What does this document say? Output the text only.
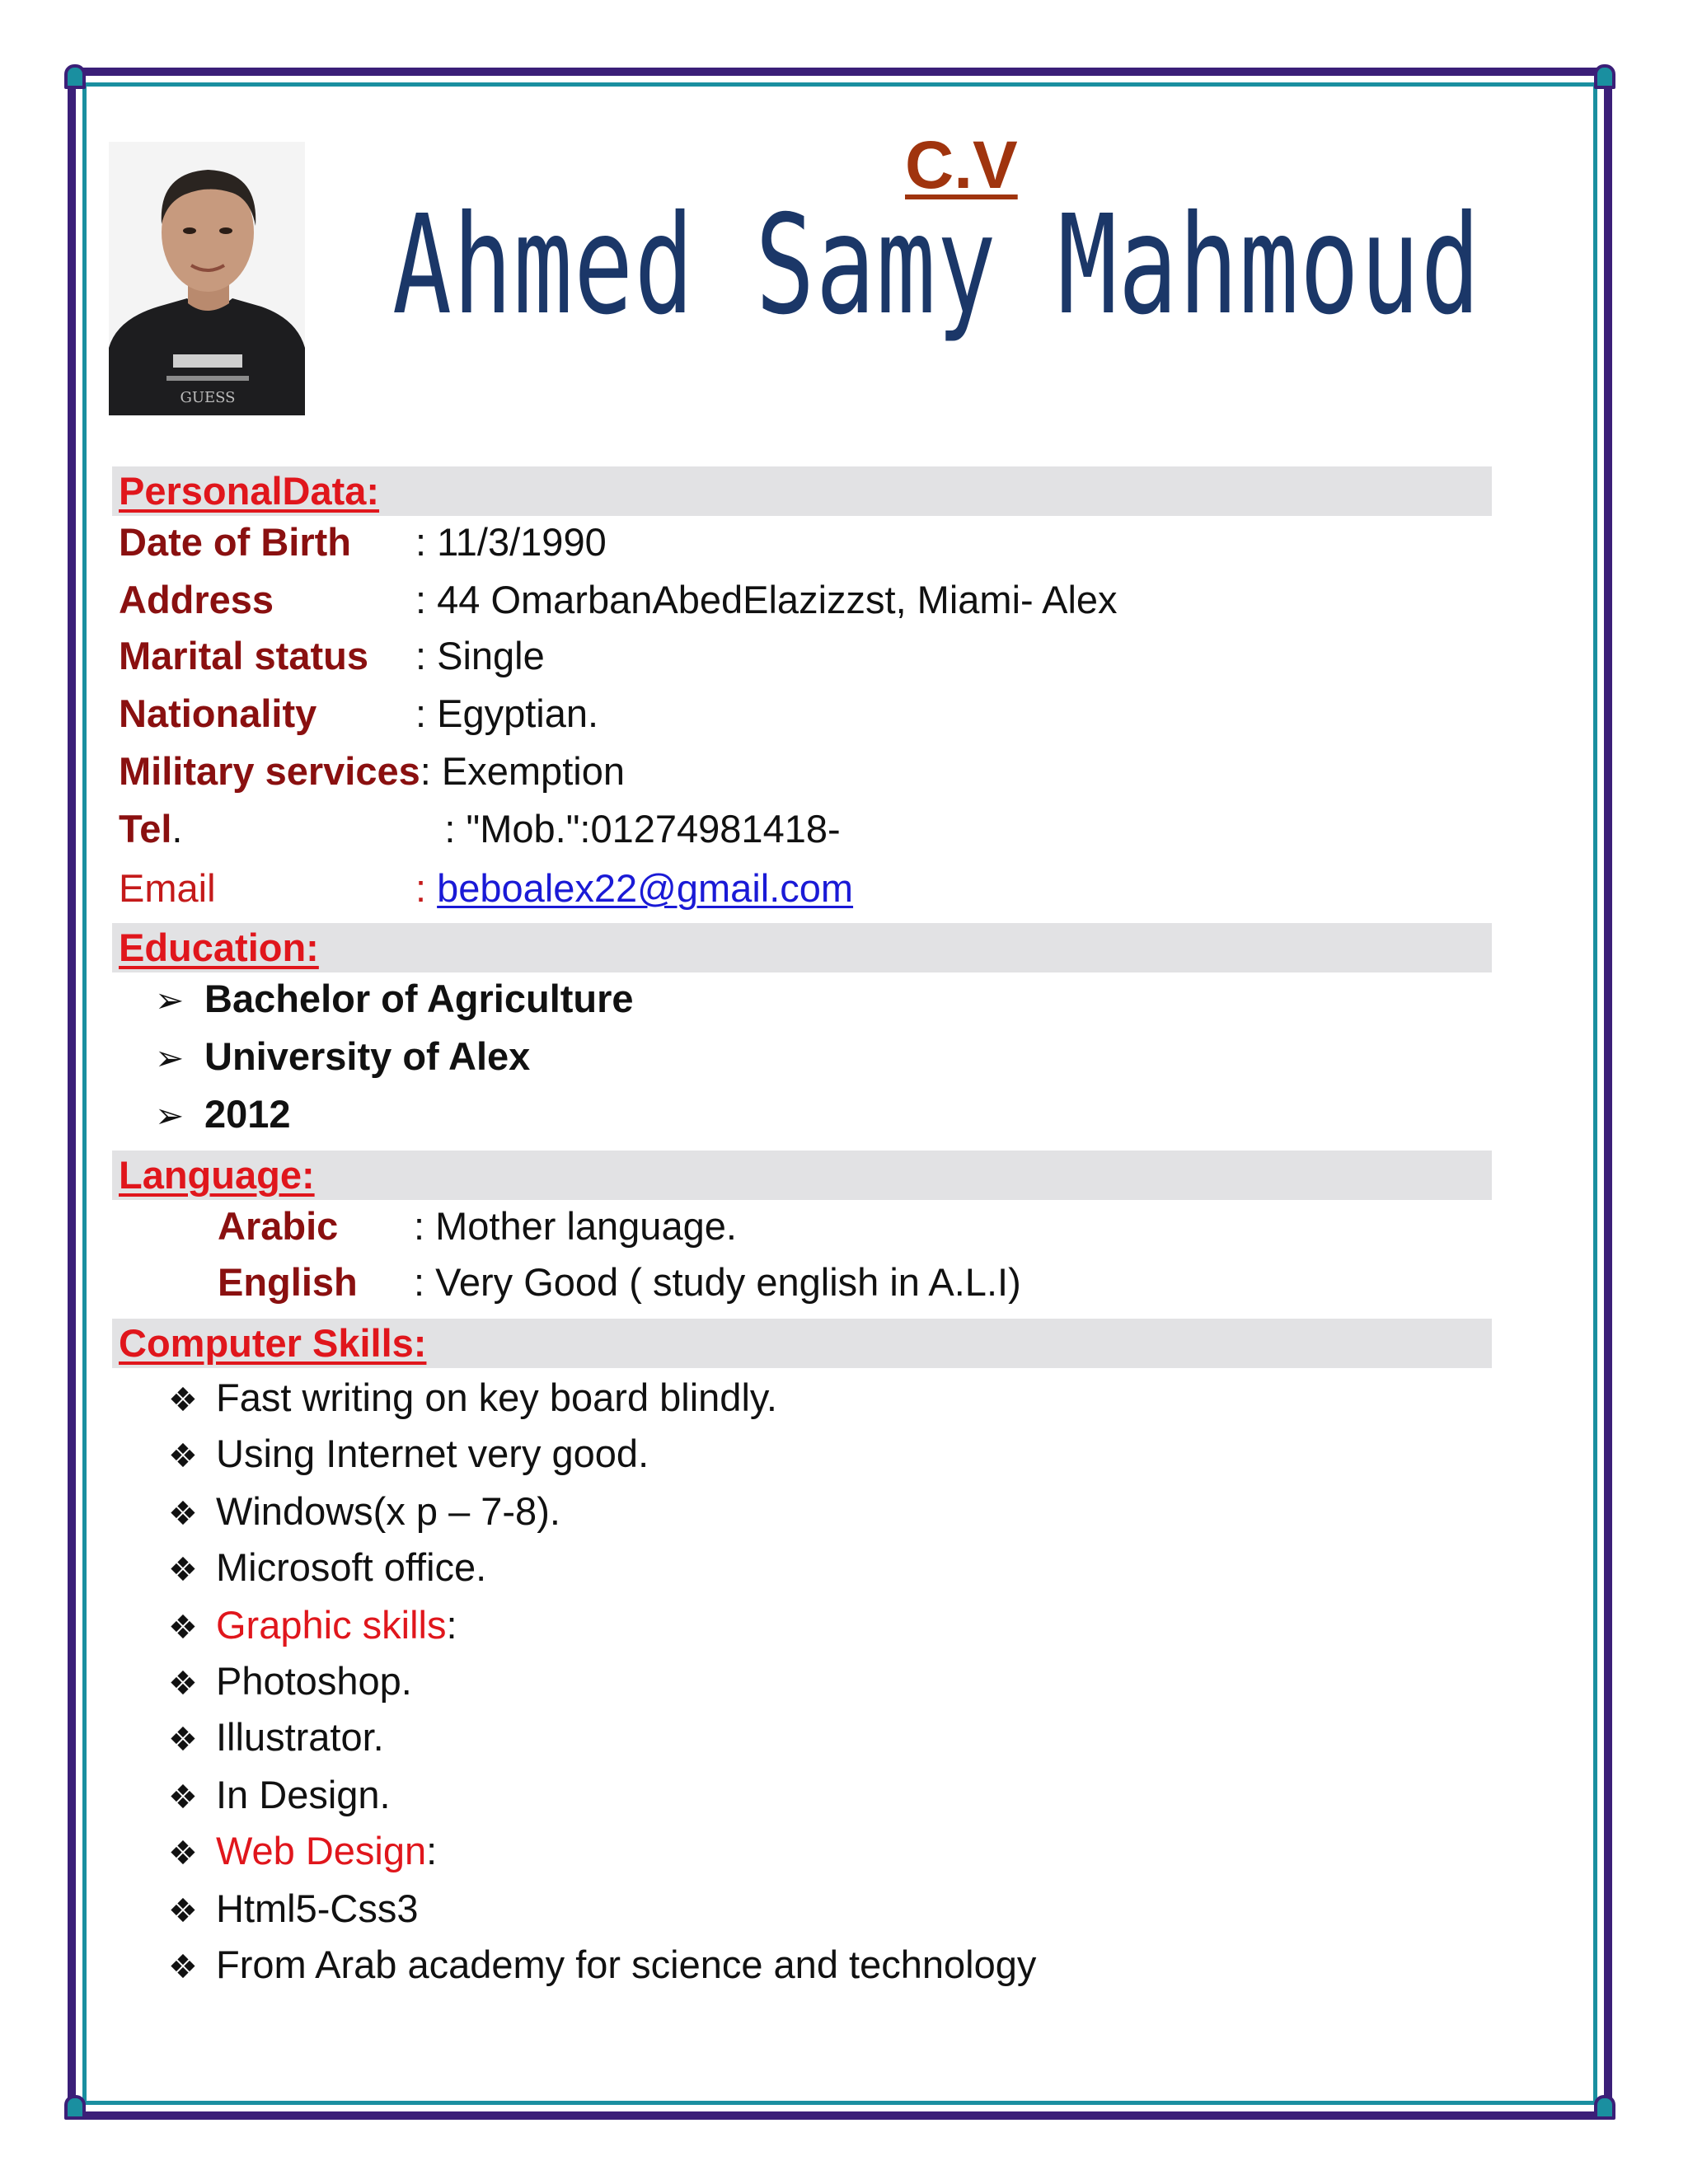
GUESS
C.V
Ahmed Samy Mahmoud
PersonalData:
Date of Birth : 11/3/1990
Address	: 44 OmarbanAbedElazizzst, Miami- Alex
Marital status : Single
Nationality	: Egyptian.
Military services: Exemption
Tel.	: "Mob.":01274981418-
Email	: beboalex22@gmail.com
Education:
➢ Bachelor of Agriculture
➢ University of Alex
➢ 2012
Language:
Arabic : Mother language.
English : Very Good ( study english in A.L.I)
Computer Skills:
❖ Fast writing on key board blindly.
❖ Using Internet very good.
❖ Windows(x p – 7-8).
❖ Microsoft office.
❖ Graphic skills:
❖ Photoshop.
❖ Illustrator.
❖ In Design.
❖ Web Design:
❖ Html5-Css3
❖ From Arab academy for science and technology
